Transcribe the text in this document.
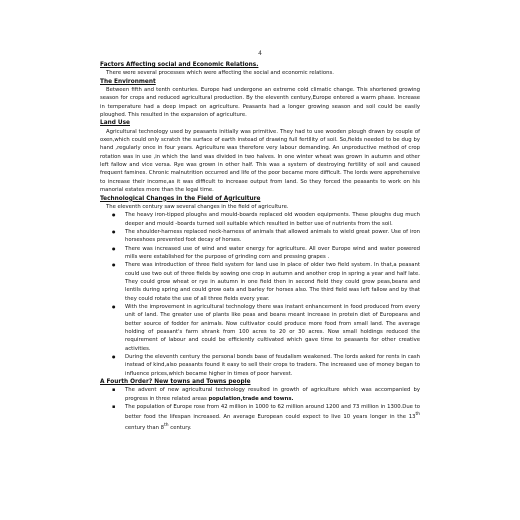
4
Factors Affecting social and Economic Relations.
There were several processes which were affecting the social and economic relations.
The Environment
Between fifth and tenth centuries. Europe had undergone an extreme cold climatic change. This shortened growing season for crops and reduced agricultural production. By the eleventh century,Europe entered a warm phase. Increase in temperature had a deep impact on agriculture. Peasants had a longer growing season and soil could be easily ploughed. This resulted in the expansion of agriculture.
Land Use
Agricultural technology used by peasants initially was primitive. They had to use wooden plough drawn by couple of oxen,which could only scratch the surface of earth instead of drawing full fertility of soil. So,fields needed to be dug by hand ,regularly once in four years. Agriculture was therefore very labour demanding. An unproductive method of crop rotation was in use ,in which the land was divided in two halves. In one winter wheat was grown in autumn and other left fallow and vice versa. Rye was grown in other half. This was a system of destroying fertility of soil and caused frequent famines. Chronic malnutrition occurred and life of the poor became more difficult. The lords were apprehensive to increase their income,as it was difficult to increase output from land. So they forced the peasants to work on his manorial estates more than the legal time.
Technological Changes in the Field of Agriculture
The eleventh century saw several changes in the field of agriculture.
● The heavy iron-tipped ploughs and mould-boards replaced old wooden equipments. These ploughs dug much deeper and mould -boards turned soil suitable which resulted in better use of nutrients from the soil.
● The shoulder-harness replaced neck-harness of animals that allowed animals to wield great power. Use of iron horseshoes prevented foot decay of horses.
● There was increased use of wind and water energy for agriculture. All over Europe wind and water powered mills were established for the purpose of grinding corn and pressing grapes .
● There was introduction of three field system for land use in place of older two field system. In that,a peasant could use two out of three fields by sowing one crop in autumn and another crop in spring a year and half late. They could grow wheat or rye in autumn in one field then in second field they could grow peas,beans and lentils during spring and could grow oats and barley for horses also. The third field was left fallow and by that they could rotate the use of all three fields every year.
● With the improvement in agricultural technology there was instant enhancement in food produced from every unit of land. The greater use of plants like peas and beans meant increase in protein diet of Europeans and better source of fodder for animals. Now cultivator could produce more food from small land. The average holding of peasant's farm shrank from 100 acres to 20 or 30 acres. Now small holdings reduced the requirement of labour and could be efficiently cultivated which gave time to peasants for other creative activities.
● During the eleventh century the personal bonds base of feudalism weakened. The lords asked for rents in cash instead of kind,also peasants found it easy to sell their crops to traders. The increased use of money began to influence prices,which became higher in times of poor harvest.
A Fourth Order? New towns and Towns people
▪ The advent of new agricultural technology resulted in growth of agriculture which was accompanied by progress in three related areas population,trade and towns.
▪ The population of Europe rose from 42 million in 1000 to 62 million around 1200 and 73 million in 1300.Due to better food the lifespan increased. An average European could expect to live 10 years longer in the 13th century than 8th century.
